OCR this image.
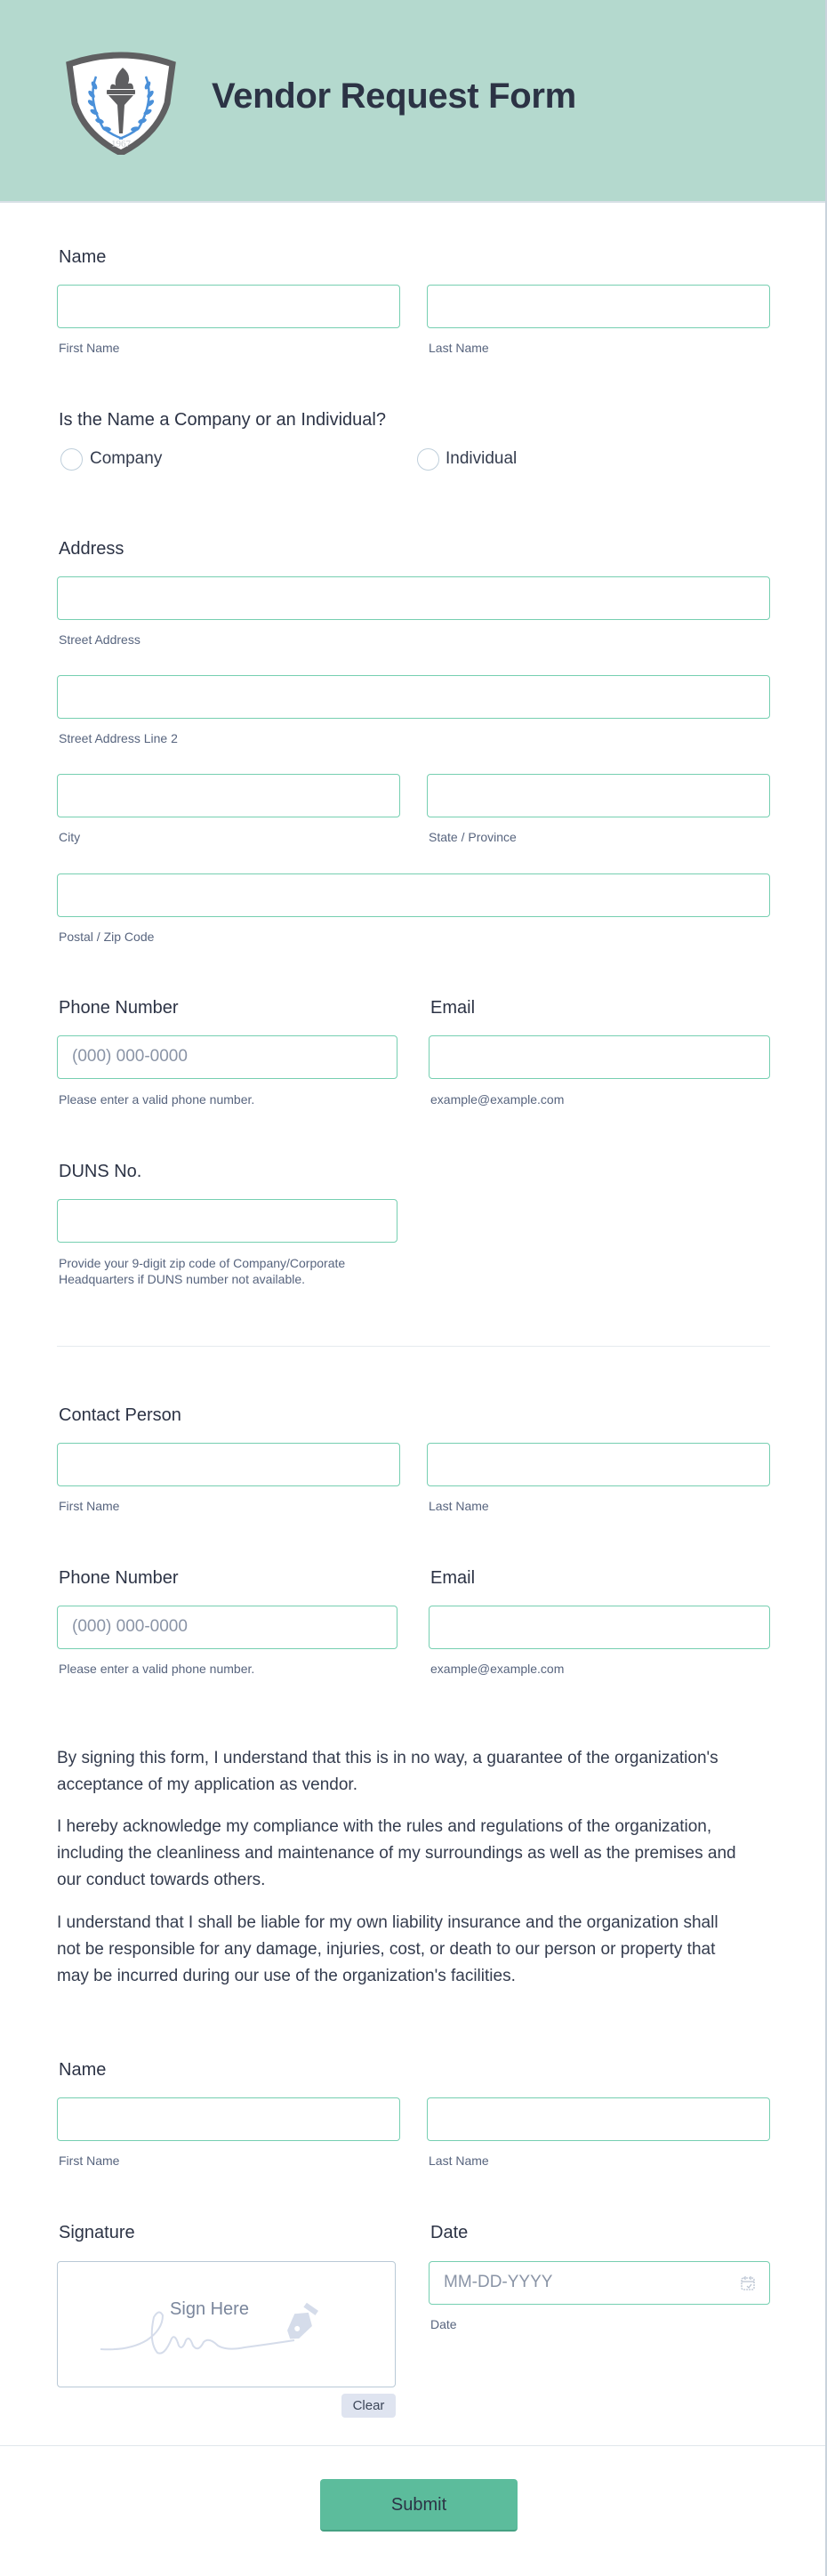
1967
Vendor Request Form
Name
First Name	Last Name
Is the Name a Company or an Individual?
Company	Individual
Address
Street Address
Street Address Line 2
City	State / Province
Postal / Zip Code
Phone Number	Email
(000) 000-0000
Please enter a valid phone number.	example@example.com
DUNS No.
Provide your 9-digit zip code of Company/Corporate
Headquarters if DUNS number not available.
Contact Person
First Name	Last Name
Phone Number	Email
(000) 000-0000
Please enter a valid phone number.	example@example.com
By signing this form, I understand that this is in no way, a guarantee of the organization's
acceptance of my application as vendor.
I hereby acknowledge my compliance with the rules and regulations of the organization,
including the cleanliness and maintenance of my surroundings as well as the premises and
our conduct towards others.
I understand that I shall be liable for my own liability insurance and the organization shall
not be responsible for any damage, injuries, cost, or death to our person or property that
may be incurred during our use of the organization's facilities.
Name
First Name	Last Name
Signature	Date
Sign Here
Clear
MM-DD-YYYY
Date
Submit
